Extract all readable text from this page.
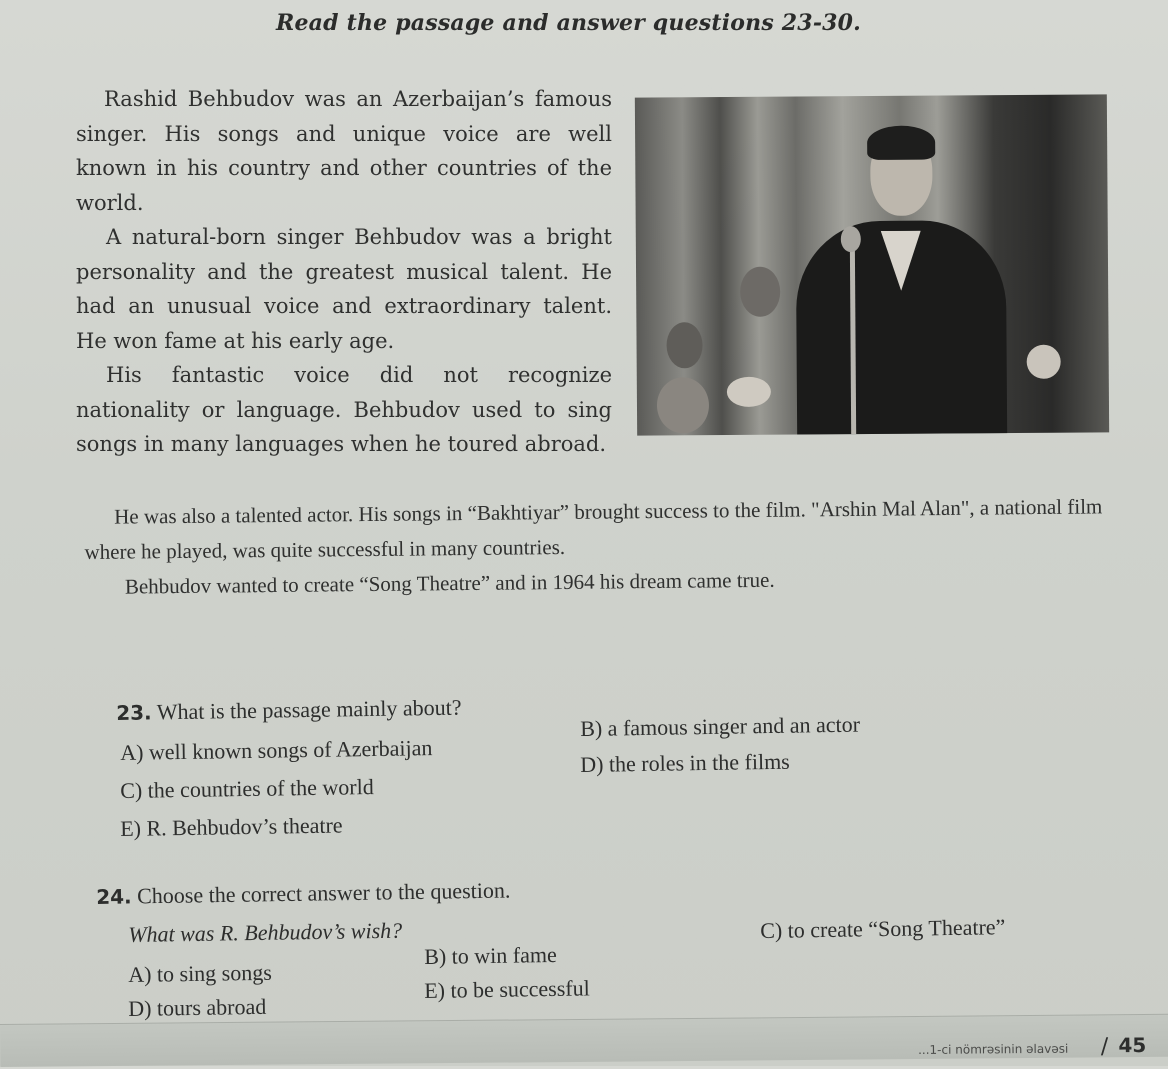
Read the passage and answer questions 23-30.

Rashid Behbudov was an Azerbaijan’s famous singer. His songs and unique voice are well known in his country and other countries of the world.

A natural-born singer Behbudov was a bright personality and the greatest musical talent. He had an unusual voice and extraordinary talent. He won fame at his early age.

His fantastic voice did not recognize nationality or language. Behbudov used to sing songs in many languages when he toured abroad.

He was also a talented actor. His songs in “Bakhtiyar” brought success to the film. "Arshin Mal Alan", a national film where he played, was quite successful in many countries.

Behbudov wanted to create “Song Theatre” and in 1964 his dream came true.

23. What is the passage mainly about?
A) well known songs of Azerbaijan
B) a famous singer and an actor
C) the countries of the world
D) the roles in the films
E) R. Behbudov’s theatre
24. Choose the correct answer to the question.
What was R. Behbudov’s wish?
A) to sing songs
B) to win fame
C) to create “Song Theatre”
D) tours abroad
E) to be successful
...1-ci nömrəsinin əlavəsi / 45
